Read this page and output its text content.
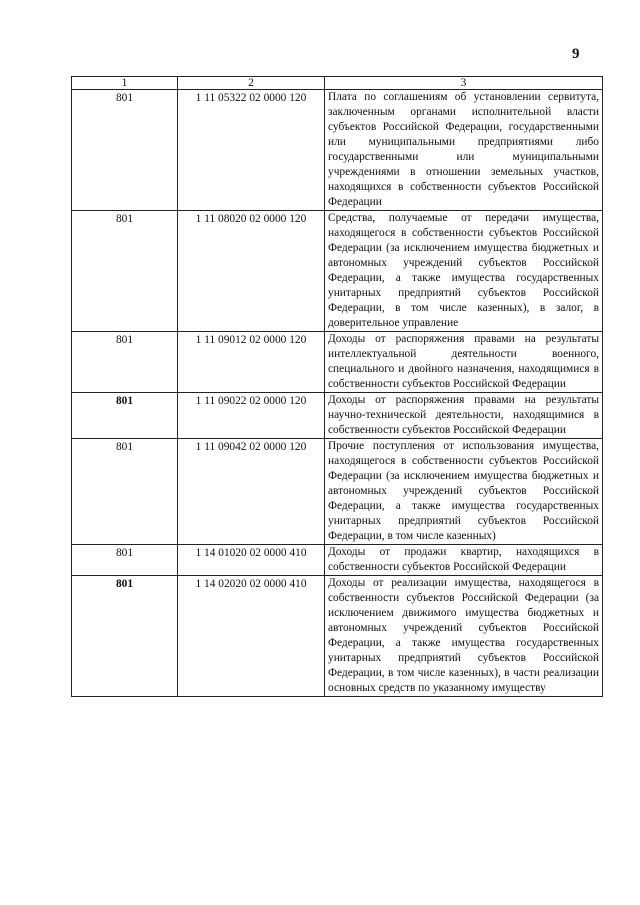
9
1	2	3

801	1 11 05322 02 0000 120	Плата по соглашениям об установлении сервитута, заключенным органами исполнительной власти субъектов Российской Федерации, государственными или муниципальными предприятиями либо государственными или муниципальными учреждениями в отношении земельных участков, находящихся в собственности субъектов Российской Федерации

801	1 11 08020 02 0000 120	Средства, получаемые от передачи имущества, находящегося в собственности субъектов Российской Федерации (за исключением имущества бюджетных и автономных учреждений субъектов Российской Федерации, а также имущества государственных унитарных предприятий субъектов Российской Федерации, в том числе казенных), в залог, в доверительное управление

801	1 11 09012 02 0000 120	Доходы от распоряжения правами на результаты интеллектуальной деятельности военного, специального и двойного назначения, находящимися в собственности субъектов Российской Федерации

801	1 11 09022 02 0000 120	Доходы от распоряжения правами на результаты научно-технической деятельности, находящимися в собственности субъектов Российской Федерации

801	1 11 09042 02 0000 120	Прочие поступления от использования имущества, находящегося в собственности субъектов Российской Федерации (за исключением имущества бюджетных и автономных учреждений субъектов Российской Федерации, а также имущества государственных унитарных предприятий субъектов Российской Федерации, в том числе казенных)

801	1 14 01020 02 0000 410	Доходы от продажи квартир, находящихся в собственности субъектов Российской Федерации

801	1 14 02020 02 0000 410	Доходы от реализации имущества, находящегося в собственности субъектов Российской Федерации (за исключением движимого имущества бюджетных и автономных учреждений субъектов Российской Федерации, а также имущества государственных унитарных предприятий субъектов Российской Федерации, в том числе казенных), в части реализации основных средств по указанному имуществу
